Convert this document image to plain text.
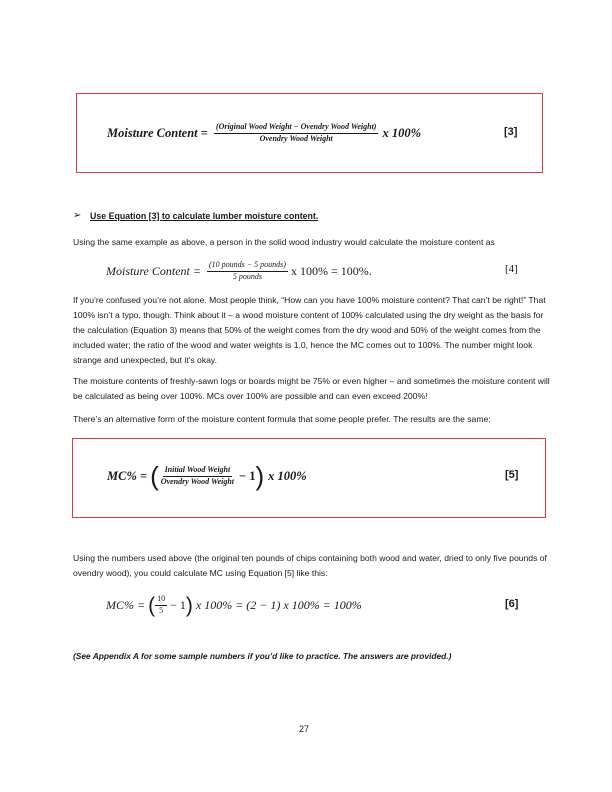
Moisture Content = $\frac{\text{(Original Wood Weight − Ovendry Wood Weight)}}{\text{Ovendry Wood Weight}}$ x 100%	[3]
➢ Use Equation [3] to calculate lumber moisture content.
Using the same example as above, a person in the solid wood industry would calculate the moisture content as
Moisture Content = $\frac{\text{(10 pounds − 5 pounds)}}{\text{5 pounds}}$ x 100% = 100%.	[4]
If you’re confused you’re not alone. Most people think, “How can you have 100% moisture content? That can’t be right!” That 100% isn’t a typo, though. Think about it – a wood moisture content of 100% calculated using the dry weight as the basis for the calculation (Equation 3) means that 50% of the weight comes from the dry wood and 50% of the weight comes from the included water; the ratio of the wood and water weights is 1.0, hence the MC comes out to 100%. The number might look strange and unexpected, but it’s okay.
The moisture contents of freshly-sawn logs or boards might be 75% or even higher – and sometimes the moisture content will be calculated as being over 100%. MCs over 100% are possible and can even exceed 200%!
There’s an alternative form of the moisture content formula that some people prefer. The results are the same:
MC% = ( $\frac{\text{Initial Wood Weight}}{\text{Ovendry Wood Weight}} - 1$ ) x 100%	[5]
Using the numbers used above (the original ten pounds of chips containing both wood and water, dried to only five pounds of ovendry wood), you could calculate MC using Equation [5] like this:
MC% = ( $\frac{10}{5} - 1$ ) x 100% = (2 − 1) x 100% = 100%	[6]
(See Appendix A for some sample numbers if you’d like to practice. The answers are provided.)
27
